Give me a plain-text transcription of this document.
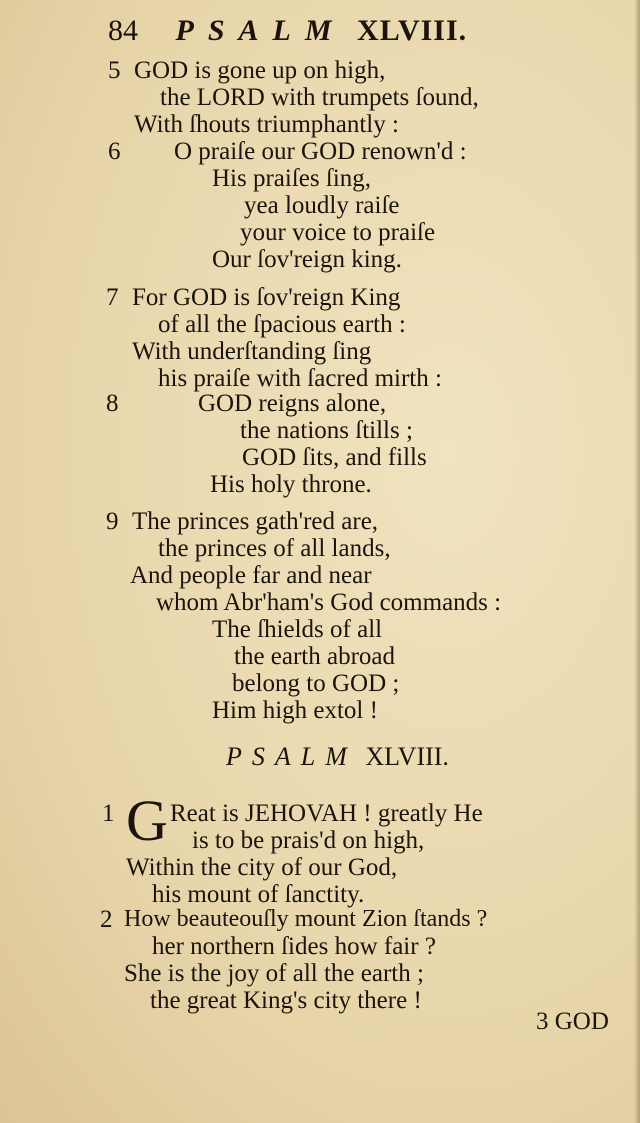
84 PSALM XLVIII.
5 GOD is gone up on high,
the LORD with trumpets ſound,
With ſhouts triumphantly :
6 O praiſe our GOD renown'd :
His praiſes ſing,
yea loudly raiſe
your voice to praiſe
Our ſov'reign king.
7 For GOD is ſov'reign King
of all the ſpacious earth :
With underſtanding ſing
his praiſe with ſacred mirth :
8	GOD reigns alone,
the nations ſtills ;
GOD ſits, and fills
His holy throne.
9 The princes gath'red are,
the princes of all lands,
And people far and near
whom Abr'ham's God commands :
The ſhields of all
the earth abroad
belong to GOD ;
Him high extol !
PSALM XLVIII.
1 G Reat is JEHOVAH ! greatly He
is to be prais'd on high,
Within the city of our God,
his mount of ſanctity.
2 How beauteouſly mount Zion ſtands ?
her northern ſides how fair ?
She is the joy of all the earth ;
the great King's city there !
3 GOD
